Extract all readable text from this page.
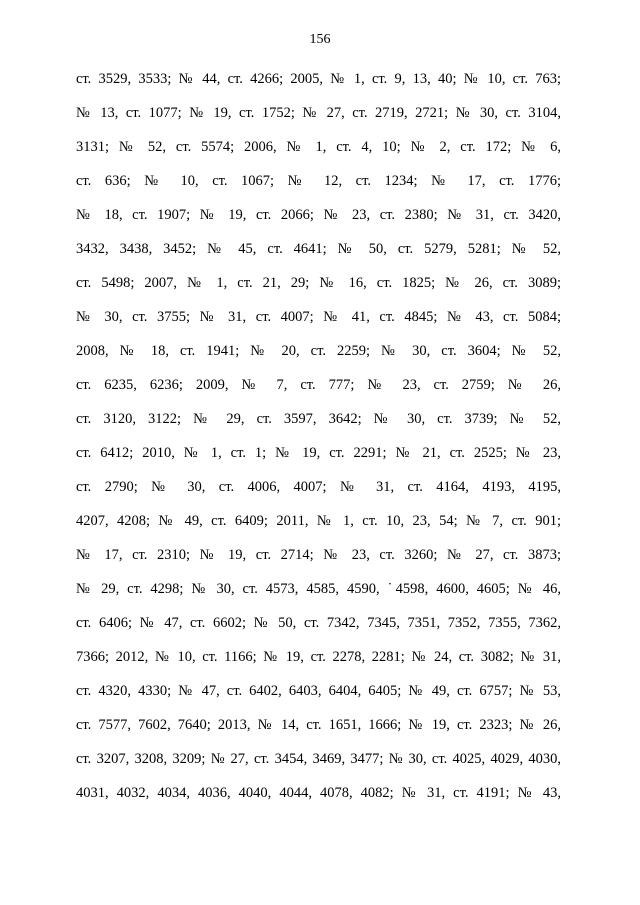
156
ст. 3529, 3533; № 44, ст. 4266; 2005, № 1, ст. 9, 13, 40; № 10, ст. 763;
№ 13, ст. 1077; № 19, ст. 1752; № 27, ст. 2719, 2721; № 30, ст. 3104,
3131; № 52, ст. 5574; 2006, № 1, ст. 4, 10; № 2, ст. 172; № 6,
ст. 636; № 10, ст. 1067; № 12, ст. 1234; № 17, ст. 1776;
№ 18, ст. 1907; № 19, ст. 2066; № 23, ст. 2380; № 31, ст. 3420,
3432, 3438, 3452; № 45, ст. 4641; № 50, ст. 5279, 5281; № 52,
ст. 5498; 2007, № 1, ст. 21, 29; № 16, ст. 1825; № 26, ст. 3089;
№ 30, ст. 3755; № 31, ст. 4007; № 41, ст. 4845; № 43, ст. 5084;
2008, № 18, ст. 1941; № 20, ст. 2259; № 30, ст. 3604; № 52,
ст. 6235, 6236; 2009, № 7, ст. 777; № 23, ст. 2759; № 26,
ст. 3120, 3122; № 29, ст. 3597, 3642; № 30, ст. 3739; № 52,
ст. 6412; 2010, № 1, ст. 1; № 19, ст. 2291; № 21, ст. 2525; № 23,
ст. 2790; № 30, ст. 4006, 4007; № 31, ст. 4164, 4193, 4195,
4207, 4208; № 49, ст. 6409; 2011, № 1, ст. 10, 23, 54; № 7, ст. 901;
№ 17, ст. 2310; № 19, ст. 2714; № 23, ст. 3260; № 27, ст. 3873;
№ 29, ст. 4298; № 30, ст. 4573, 4585, 4590, ˙4598, 4600, 4605; № 46,
ст. 6406; № 47, ст. 6602; № 50, ст. 7342, 7345, 7351, 7352, 7355, 7362,
7366; 2012, № 10, ст. 1166; № 19, ст. 2278, 2281; № 24, ст. 3082; № 31,
ст. 4320, 4330; № 47, ст. 6402, 6403, 6404, 6405; № 49, ст. 6757; № 53,
ст. 7577, 7602, 7640; 2013, № 14, ст. 1651, 1666; № 19, ст. 2323; № 26,
ст. 3207, 3208, 3209; № 27, ст. 3454, 3469, 3477; № 30, ст. 4025, 4029, 4030,
4031, 4032, 4034, 4036, 4040, 4044, 4078, 4082; № 31, ст. 4191; № 43,
